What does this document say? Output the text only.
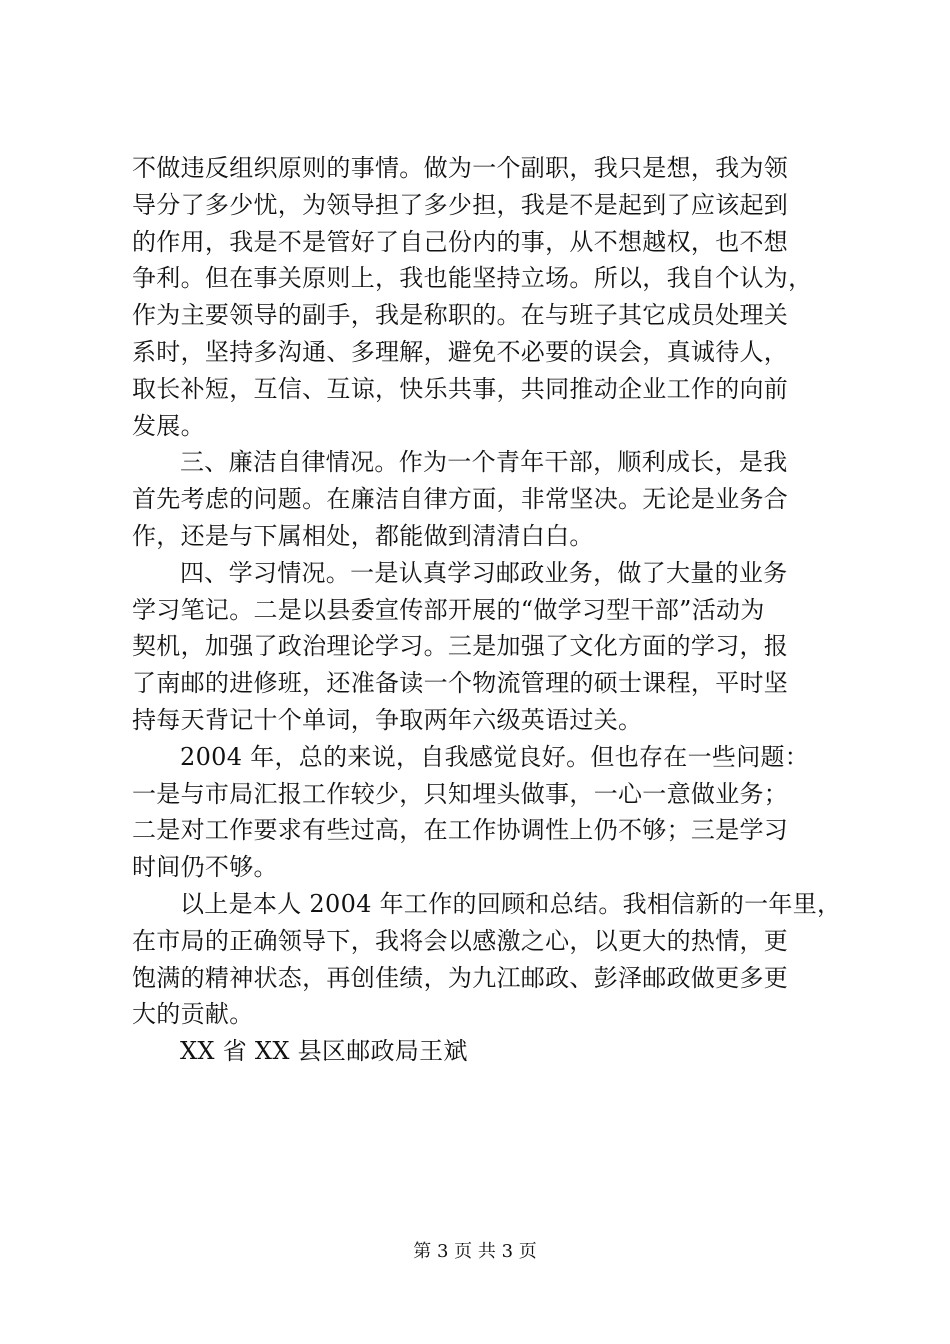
不做违反组织原则的事情。做为一个副职，我只是想，我为领
导分了多少忧，为领导担了多少担，我是不是起到了应该起到
的作用，我是不是管好了自己份内的事，从不想越权，也不想
争利。但在事关原则上，我也能坚持立场。所以，我自个认为，
作为主要领导的副手，我是称职的。在与班子其它成员处理关
系时，坚持多沟通、多理解，避免不必要的误会，真诚待人，
取长补短，互信、互谅，快乐共事，共同推动企业工作的向前
发展。
三、廉洁自律情况。作为一个青年干部，顺利成长，是我
首先考虑的问题。在廉洁自律方面，非常坚决。无论是业务合
作，还是与下属相处，都能做到清清白白。
四、学习情况。一是认真学习邮政业务，做了大量的业务
学习笔记。二是以县委宣传部开展的“做学习型干部”活动为
契机，加强了政治理论学习。三是加强了文化方面的学习，报
了南邮的进修班，还准备读一个物流管理的硕士课程，平时坚
持每天背记十个单词，争取两年六级英语过关。
2004 年，总的来说，自我感觉良好。但也存在一些问题：
一是与市局汇报工作较少，只知埋头做事，一心一意做业务；
二是对工作要求有些过高，在工作协调性上仍不够；三是学习
时间仍不够。
以上是本人 2004 年工作的回顾和总结。我相信新的一年里，
在市局的正确领导下，我将会以感激之心，以更大的热情，更
饱满的精神状态，再创佳绩，为九江邮政、彭泽邮政做更多更
大的贡献。
XX 省 XX 县区邮政局王斌
第 3 页 共 3 页
